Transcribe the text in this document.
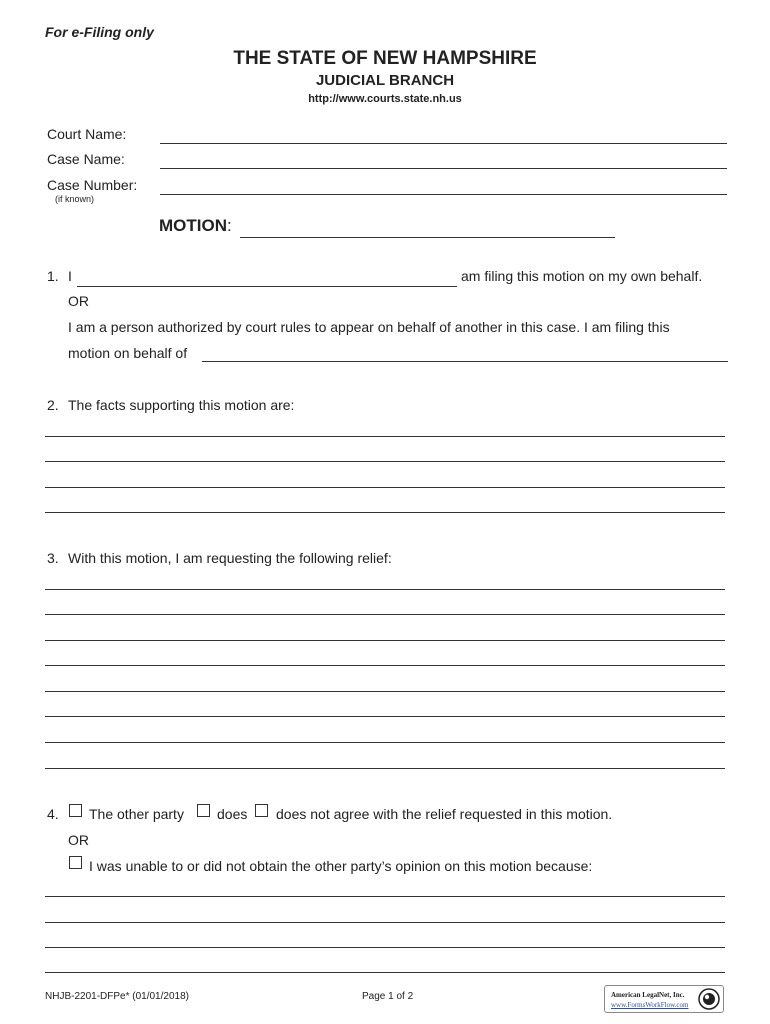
For e-Filing only
THE STATE OF NEW HAMPSHIRE
JUDICIAL BRANCH
http://www.courts.state.nh.us
Court Name:
Case Name:
Case Number:
(if known)
MOTION:
1. I	am filing this motion on my own behalf.
OR
I am a person authorized by court rules to appear on behalf of another in this case. I am filing this
motion on behalf of
2. The facts supporting this motion are:
3. With this motion, I am requesting the following relief:
4. The other party does does not agree with the relief requested in this motion.
OR
I was unable to or did not obtain the other party’s opinion on this motion because:
NHJB-2201-DFPe* (01/01/2018)	Page 1 of 2	American LegalNet, Inc.
www.FormsWorkFlow.com
